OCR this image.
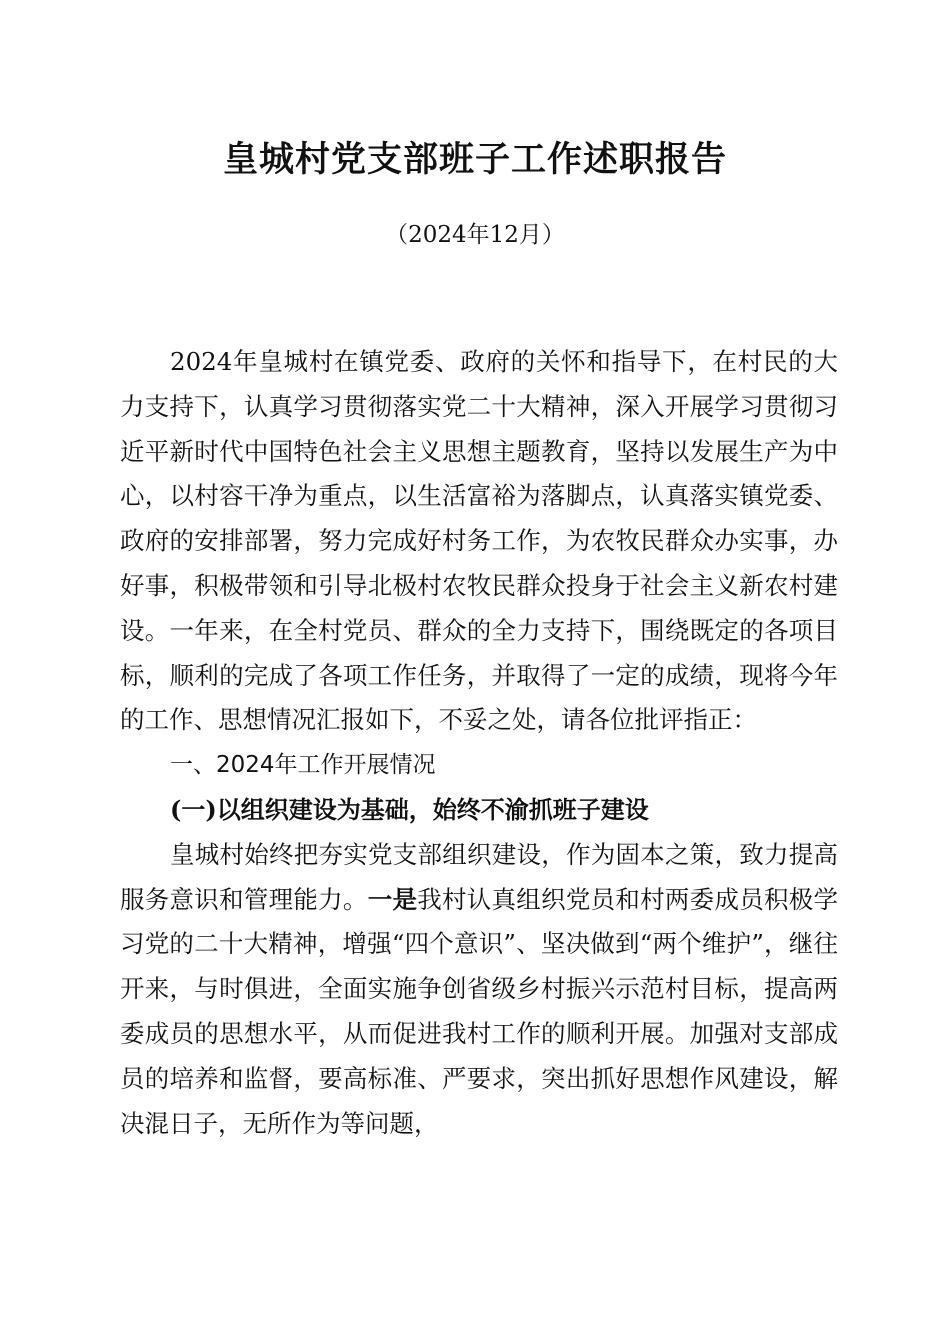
皇城村党支部班子工作述职报告
（2024年12月）

2024年皇城村在镇党委、政府的关怀和指导下，在村民的大力支持下，认真学习贯彻落实党二十大精神，深入开展学习贯彻习近平新时代中国特色社会主义思想主题教育，坚持以发展生产为中心，以村容干净为重点，以生活富裕为落脚点，认真落实镇党委、政府的安排部署，努力完成好村务工作，为农牧民群众办实事，办好事，积极带领和引导北极村农牧民群众投身于社会主义新农村建设。一年来，在全村党员、群众的全力支持下，围绕既定的各项目标，顺利的完成了各项工作任务，并取得了一定的成绩，现将今年的工作、思想情况汇报如下，不妥之处，请各位批评指正：

一、2024年工作开展情况

(一)以组织建设为基础，始终不渝抓班子建设

皇城村始终把夯实党支部组织建设，作为固本之策，致力提高服务意识和管理能力。一是我村认真组织党员和村两委成员积极学习党的二十大精神，增强“四个意识”、坚决做到“两个维护”，继往开来，与时俱进，全面实施争创省级乡村振兴示范村目标，提高两委成员的思想水平，从而促进我村工作的顺利开展。加强对支部成员的培养和监督，要高标准、严要求，突出抓好思想作风建设，解决混日子，无所作为等问题，
